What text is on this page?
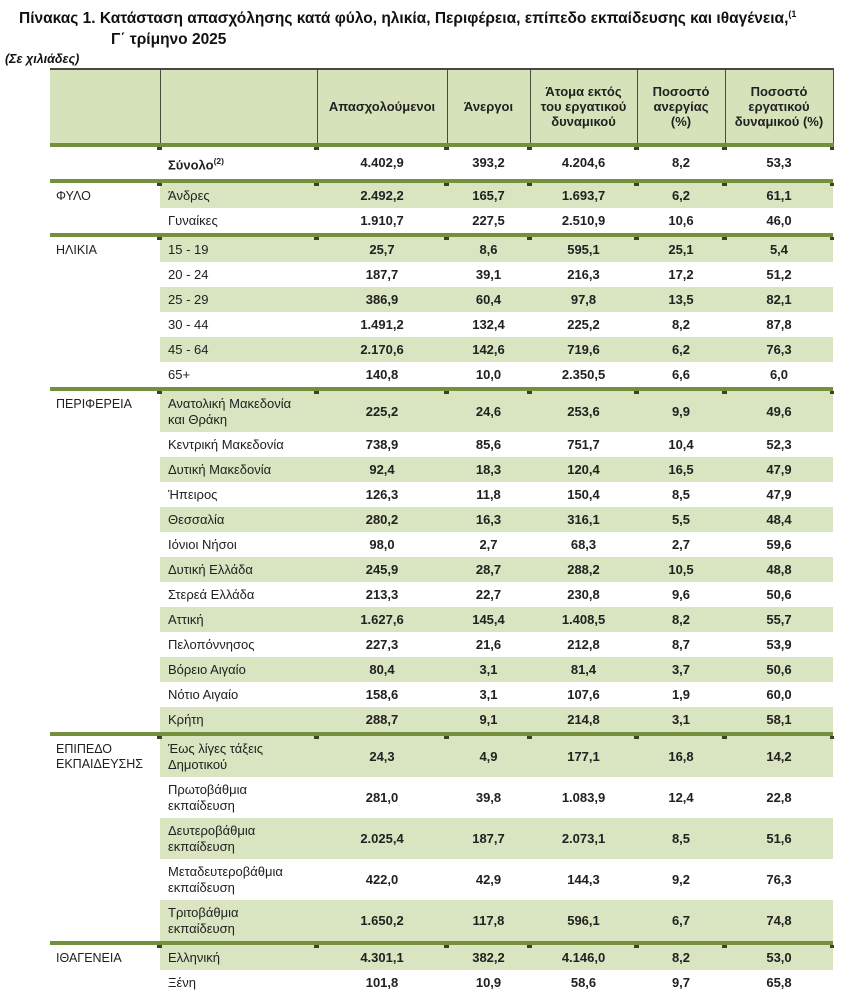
Πίνακας 1. Κατάσταση απασχόλησης κατά φύλο, ηλικία, Περιφέρεια, επίπεδο εκπαίδευσης και ιθαγένεια,$^{(1}$
Γ΄ τρίμηνο 2025
(Σε χιλιάδες)
		Απασχολούμενοι	Άνεργοι	Άτομα εκτός του εργατικού δυναμικού	Ποσοστό ανεργίας (%)	Ποσοστό εργατικού δυναμικού (%)
	Σύνολο$^{(2)}$	4.402,9	393,2	4.204,6	8,2	53,3
ΦΥΛΟ	Άνδρες	2.492,2	165,7	1.693,7	6,2	61,1
	Γυναίκες	1.910,7	227,5	2.510,9	10,6	46,0
ΗΛΙΚΙΑ	15 - 19	25,7	8,6	595,1	25,1	5,4
	20 - 24	187,7	39,1	216,3	17,2	51,2
	25 - 29	386,9	60,4	97,8	13,5	82,1
	30 - 44	1.491,2	132,4	225,2	8,2	87,8
	45 - 64	2.170,6	142,6	719,6	6,2	76,3
	65+	140,8	10,0	2.350,5	6,6	6,0
ΠΕΡΙΦΕΡΕΙΑ	Ανατολική Μακεδονία και Θράκη	225,2	24,6	253,6	9,9	49,6
	Κεντρική Μακεδονία	738,9	85,6	751,7	10,4	52,3
	Δυτική Μακεδονία	92,4	18,3	120,4	16,5	47,9
	Ήπειρος	126,3	11,8	150,4	8,5	47,9
	Θεσσαλία	280,2	16,3	316,1	5,5	48,4
	Ιόνιοι Νήσοι	98,0	2,7	68,3	2,7	59,6
	Δυτική Ελλάδα	245,9	28,7	288,2	10,5	48,8
	Στερεά Ελλάδα	213,3	22,7	230,8	9,6	50,6
	Αττική	1.627,6	145,4	1.408,5	8,2	55,7
	Πελοπόννησος	227,3	21,6	212,8	8,7	53,9
	Βόρειο Αιγαίο	80,4	3,1	81,4	3,7	50,6
	Νότιο Αιγαίο	158,6	3,1	107,6	1,9	60,0
	Κρήτη	288,7	9,1	214,8	3,1	58,1
ΕΠΙΠΕΔΟ ΕΚΠΑΙΔΕΥΣΗΣ	Έως λίγες τάξεις Δημοτικού	24,3	4,9	177,1	16,8	14,2
	Πρωτοβάθμια εκπαίδευση	281,0	39,8	1.083,9	12,4	22,8
	Δευτεροβάθμια εκπαίδευση	2.025,4	187,7	2.073,1	8,5	51,6
	Μεταδευτεροβάθμια εκπαίδευση	422,0	42,9	144,3	9,2	76,3
	Τριτοβάθμια εκπαίδευση	1.650,2	117,8	596,1	6,7	74,8
ΙΘΑΓΕΝΕΙΑ	Ελληνική	4.301,1	382,2	4.146,0	8,2	53,0
	Ξένη	101,8	10,9	58,6	9,7	65,8
